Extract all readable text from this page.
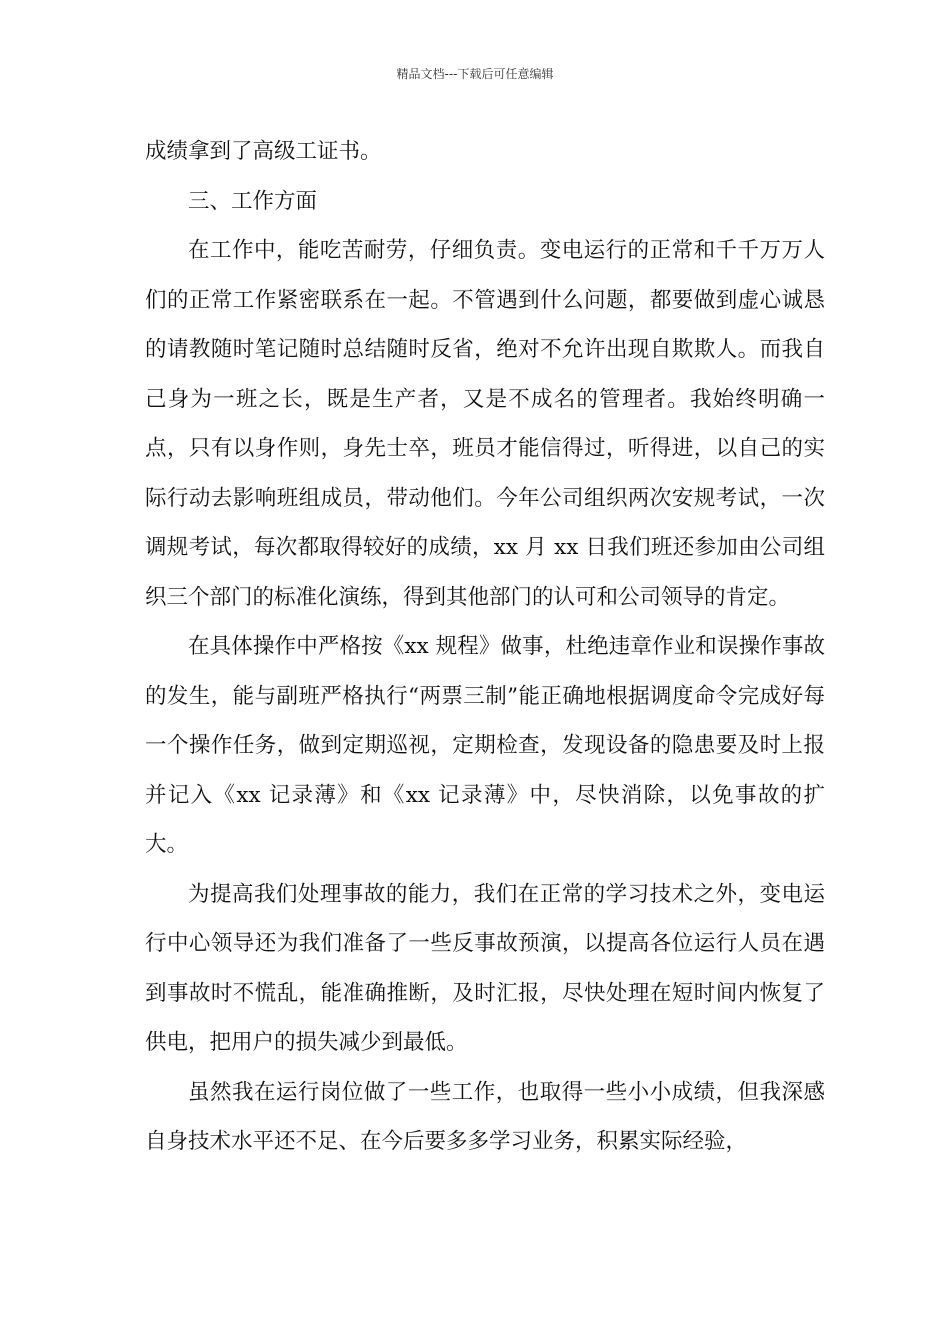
精品文档---下载后可任意编辑

成绩拿到了高级工证书。

三、工作方面

在工作中，能吃苦耐劳，仔细负责。变电运行的正常和千千万万人们的正常工作紧密联系在一起。不管遇到什么问题，都要做到虚心诚恳的请教随时笔记随时总结随时反省，绝对不允许出现自欺欺人。而我自己身为一班之长，既是生产者，又是不成名的管理者。我始终明确一点，只有以身作则，身先士卒，班员才能信得过，听得进，以自己的实际行动去影响班组成员，带动他们。今年公司组织两次安规考试，一次调规考试，每次都取得较好的成绩，xx 月 xx 日我们班还参加由公司组织三个部门的标准化演练，得到其他部门的认可和公司领导的肯定。

在具体操作中严格按《xx 规程》做事，杜绝违章作业和误操作事故的发生，能与副班严格执行“两票三制”能正确地根据调度命令完成好每一个操作任务，做到定期巡视，定期检查，发现设备的隐患要及时上报并记入《xx 记录薄》和《xx 记录薄》中，尽快消除，以免事故的扩大。

为提高我们处理事故的能力，我们在正常的学习技术之外，变电运行中心领导还为我们准备了一些反事故预演，以提高各位运行人员在遇到事故时不慌乱，能准确推断，及时汇报，尽快处理在短时间内恢复了供电，把用户的损失减少到最低。

虽然我在运行岗位做了一些工作，也取得一些小小成绩，但我深感自身技术水平还不足、在今后要多多学习业务，积累实际经验，
